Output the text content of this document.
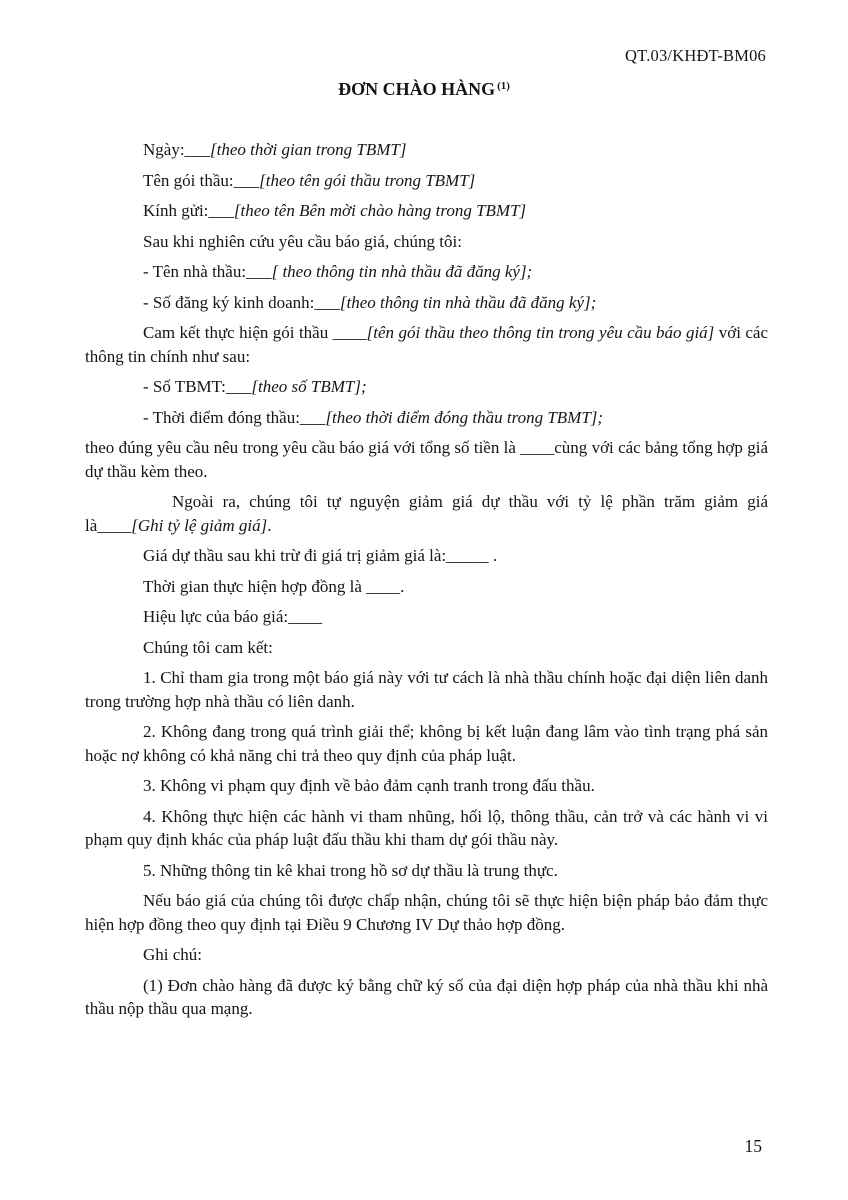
QT.03/KHĐT-BM06
ĐƠN CHÀO HÀNG $^{(1)}$

Ngày:___[theo thời gian trong TBMT]

Tên gói thầu:___[theo tên gói thầu trong TBMT]

Kính gửi:___[theo tên Bên mời chào hàng trong TBMT]

Sau khi nghiên cứu yêu cầu báo giá, chúng tôi:

- Tên nhà thầu:___[ theo thông tin nhà thầu đã đăng ký];

- Số đăng ký kinh doanh:___[theo thông tin nhà thầu đã đăng ký];

Cam kết thực hiện gói thầu ____[tên gói thầu theo thông tin trong yêu cầu báo giá] với các thông tin chính như sau:

- Số TBMT:___[theo số TBMT];

- Thời điểm đóng thầu:___[theo thời điểm đóng thầu trong TBMT];

theo đúng yêu cầu nêu trong yêu cầu báo giá với tổng số tiền là ____cùng với các bảng tổng hợp giá dự thầu kèm theo.

Ngoài ra, chúng tôi tự nguyện giảm giá dự thầu với tỷ lệ phần trăm giảm giá là____[Ghi tỷ lệ giảm giá].

Giá dự thầu sau khi trừ đi giá trị giảm giá là:_____ .

Thời gian thực hiện hợp đồng là ____.

Hiệu lực của báo giá:____

Chúng tôi cam kết:

1. Chỉ tham gia trong một báo giá này với tư cách là nhà thầu chính hoặc đại diện liên danh trong trường hợp nhà thầu có liên danh.

2. Không đang trong quá trình giải thể; không bị kết luận đang lâm vào tình trạng phá sản hoặc nợ không có khả năng chi trả theo quy định của pháp luật.

3. Không vi phạm quy định về bảo đảm cạnh tranh trong đấu thầu.

4. Không thực hiện các hành vi tham nhũng, hối lộ, thông thầu, cản trở và các hành vi vi phạm quy định khác của pháp luật đấu thầu khi tham dự gói thầu này.

5. Những thông tin kê khai trong hồ sơ dự thầu là trung thực.

Nếu báo giá của chúng tôi được chấp nhận, chúng tôi sẽ thực hiện biện pháp bảo đảm thực hiện hợp đồng theo quy định tại Điều 9 Chương IV Dự thảo hợp đồng.

Ghi chú:

(1) Đơn chào hàng đã được ký bằng chữ ký số của đại diện hợp pháp của nhà thầu khi nhà thầu nộp thầu qua mạng.

15
